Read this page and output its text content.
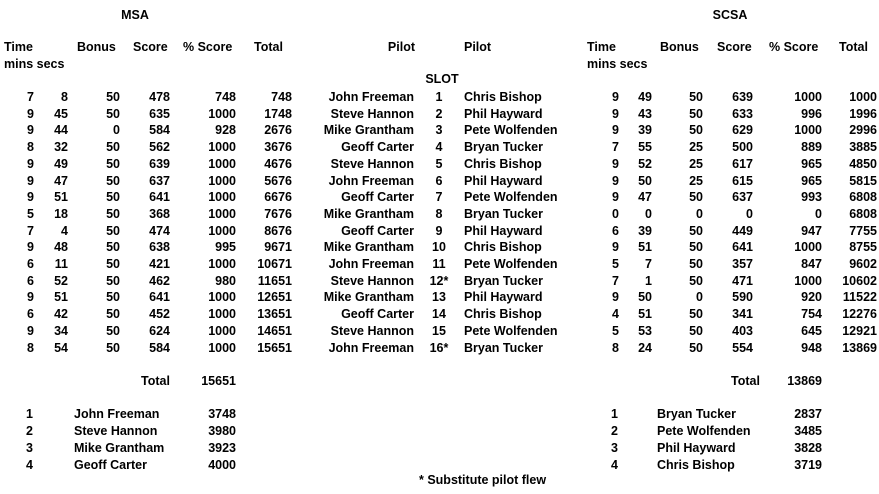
MSA	SCSA
Time
mins secs
Bonus Score % Score Total	Pilot	Pilot
SLOT
Time
mins secs
Bonus Score % Score Total
7	8	50	478	748	748	John Freeman	1	Chris Bishop	9	49	50	639	1000	1000
9	45	50	635	1000	1748	Steve Hannon	2	Phil Hayward	9	43	50	633	996	1996
9	44	0	584	928	2676	Mike Grantham	3	Pete Wolfenden	9	39	50	629	1000	2996
8	32	50	562	1000	3676	Geoff Carter	4	Bryan Tucker	7	55	25	500	889	3885
9	49	50	639	1000	4676	Steve Hannon	5	Chris Bishop	9	52	25	617	965	4850
9	47	50	637	1000	5676	John Freeman	6	Phil Hayward	9	50	25	615	965	5815
9	51	50	641	1000	6676	Geoff Carter	7	Pete Wolfenden	9	47	50	637	993	6808
5	18	50	368	1000	7676	Mike Grantham	8	Bryan Tucker	0	0	0	0	0	6808
7	4	50	474	1000	8676	Geoff Carter	9	Phil Hayward	6	39	50	449	947	7755
9	48	50	638	995	9671	Mike Grantham	10	Chris Bishop	9	51	50	641	1000	8755
6	11	50	421	1000	10671	John Freeman	11	Pete Wolfenden	5	7	50	357	847	9602
6	52	50	462	980	11651	Steve Hannon	12*	Bryan Tucker	7	1	50	471	1000	10602
9	51	50	641	1000	12651	Mike Grantham	13	Phil Hayward	9	50	0	590	920	11522
6	42	50	452	1000	13651	Geoff Carter	14	Chris Bishop	4	51	50	341	754	12276
9	34	50	624	1000	14651	Steve Hannon	15	Pete Wolfenden	5	53	50	403	645	12921
8	54	50	584	1000	15651	John Freeman	16*	Bryan Tucker	8	24	50	554	948	13869
Total	15651	Total	13869
1	John Freeman	3748
2	Steve Hannon	3980
3	Mike Grantham	3923
4	Geoff Carter	4000
1	Bryan Tucker	2837
2	Pete Wolfenden	3485
3	Phil Hayward	3828
4	Chris Bishop	3719
* Substitute pilot flew
